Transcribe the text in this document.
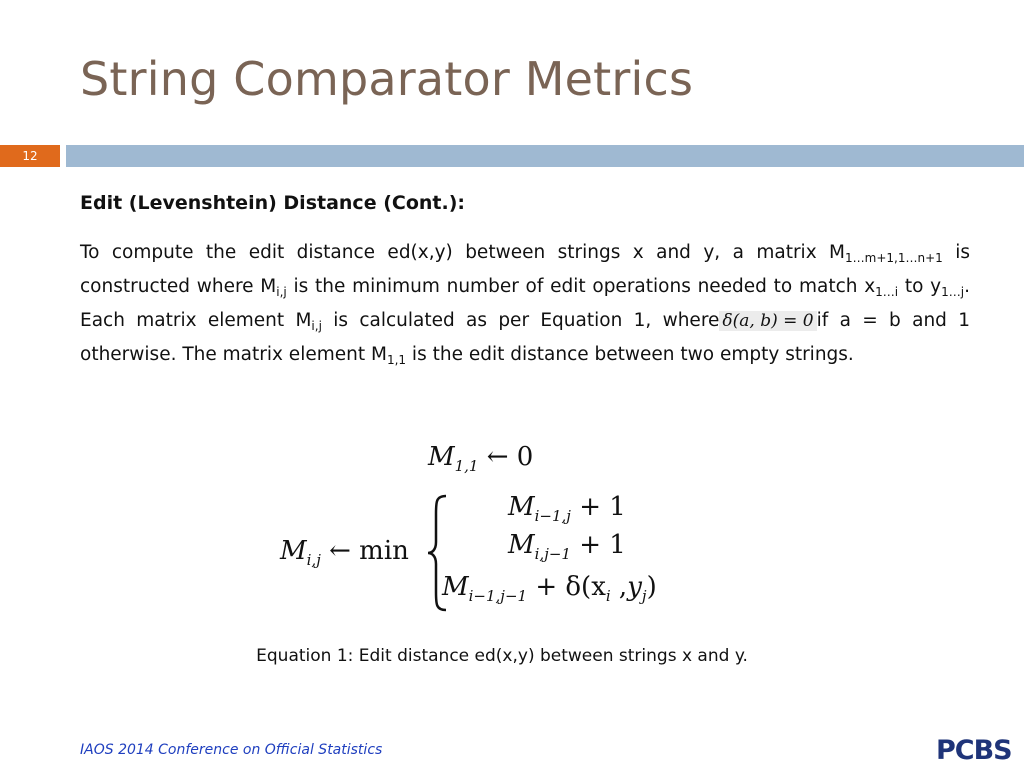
String Comparator Metrics
12
Edit (Levenshtein) Distance (Cont.):
To compute the edit distance ed(x,y) between strings x and y, a matrix $M_{1\dots m+1,1\dots n+1}$ is constructed where $M_{i,j}$ is the minimum number of edit operations needed to match $x_{1\dots i}$ to $y_{1\dots j}$. Each matrix element $M_{i,j}$ is calculated as per Equation 1, where δ(a, b) = 0 if a = b and 1 otherwise. The matrix element $M_{1,1}$ is the edit distance between two empty strings.
$M_{1,1}$ ← 0
$M_{i,j}$ ← min
$M_{i-1,j} + 1$
$M_{i,j-1} + 1$
$M_{i-1,j-1} + \delta(x_i$ $,y_j$)
Equation 1: Edit distance ed(x,y) between strings x and y.
IAOS 2014 Conference on Official Statistics	PCBS
